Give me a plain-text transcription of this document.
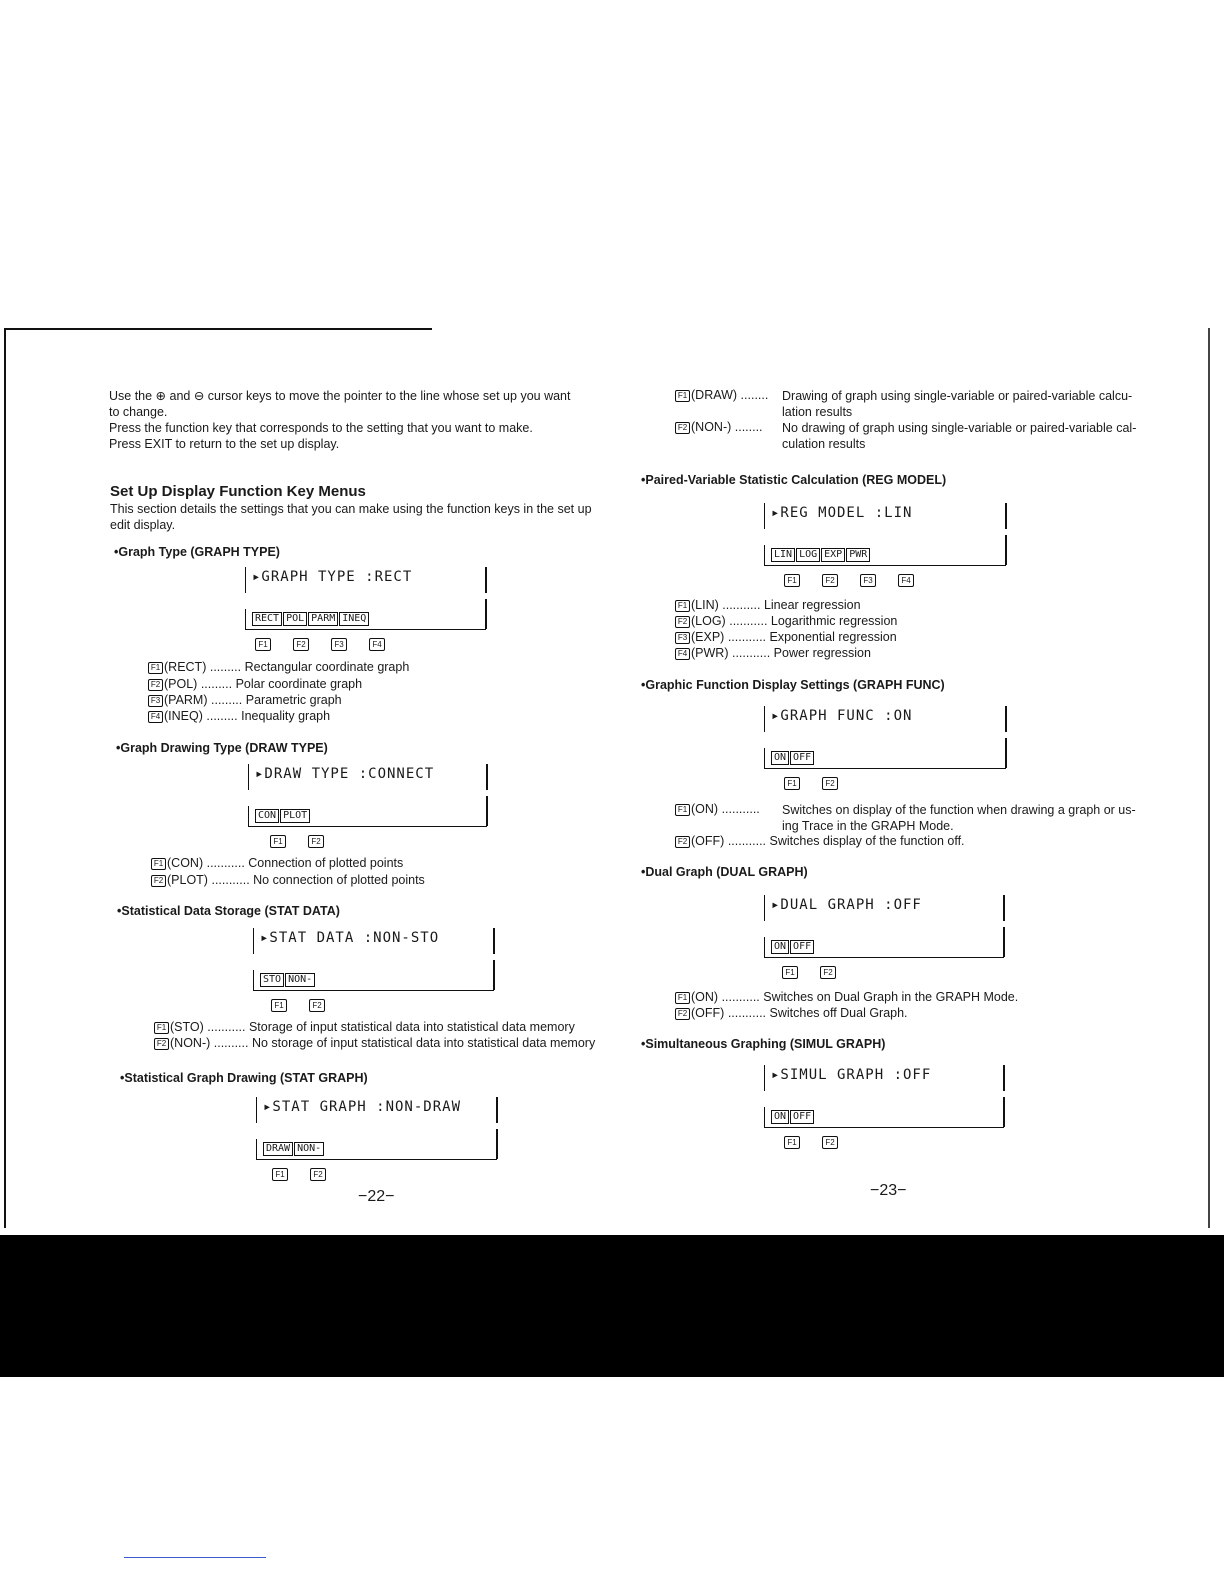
Use the ⊕ and ⊖ cursor keys to move the pointer to the line whose set up you want
to change.
Press the function key that corresponds to the setting that you want to make.
Press EXIT to return to the set up display.
Set Up Display Function Key Menus
This section details the settings that you can make using the function keys in the set up
edit display.
•Graph Type (GRAPH TYPE)
▸GRAPH TYPE :RECT
RECT POL PARM INEQ
F1	F2	F3	F4
F1 (RECT) ......... Rectangular coordinate graph
F2 (POL) ......... Polar coordinate graph
F3 (PARM) ......... Parametric graph
F4 (INEQ) ......... Inequality graph
•Graph Drawing Type (DRAW TYPE)
▸DRAW TYPE :CONNECT
CON PLOT
F1	F2
F1 (CON) ........... Connection of plotted points
F2 (PLOT) ........... No connection of plotted points
•Statistical Data Storage (STAT DATA)
▸STAT DATA :NON-STO
STO NON-
F1	F2
F1 (STO) ........... Storage of input statistical data into statistical data memory
F2 (NON-) .......... No storage of input statistical data into statistical data memory
•Statistical Graph Drawing (STAT GRAPH)
▸STAT GRAPH :NON-DRAW
DRAW NON-
F1	F2
−22−
F1 (DRAW) ........ Drawing of graph using single-variable or paired-variable calcu-
lation results
F2 (NON-) ........ No drawing of graph using single-variable or paired-variable cal-
culation results
•Paired-Variable Statistic Calculation (REG MODEL)
▸REG MODEL :LIN
LIN LOG EXP PWR
F1	F2	F3	F4
F1 (LIN) ........... Linear regression
F2 (LOG) ........... Logarithmic regression
F3 (EXP) ........... Exponential regression
F4 (PWR) ........... Power regression
•Graphic Function Display Settings (GRAPH FUNC)
▸GRAPH FUNC :ON
ON OFF
F1	F2
F1 (ON) ........... Switches on display of the function when drawing a graph or us-
ing Trace in the GRAPH Mode.
F2 (OFF) ........... Switches display of the function off.
•Dual Graph (DUAL GRAPH)
▸DUAL GRAPH :OFF
ON OFF
F1	F2
F1 (ON) ........... Switches on Dual Graph in the GRAPH Mode.
F2 (OFF) ........... Switches off Dual Graph.
•Simultaneous Graphing (SIMUL GRAPH)
▸SIMUL GRAPH :OFF
ON OFF
F1	F2
−23−
